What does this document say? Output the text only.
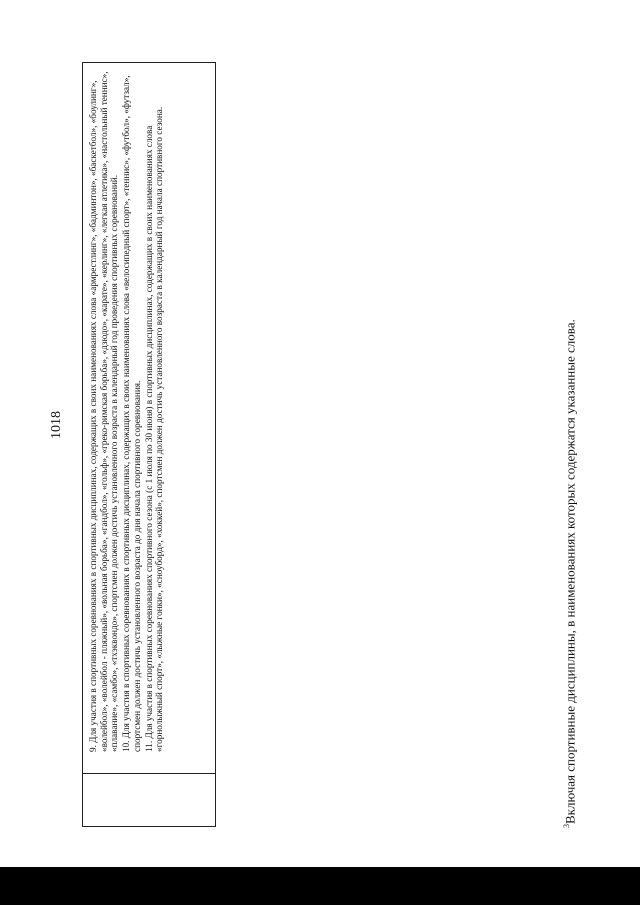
1018	9. Для участия в спортивных соревнованиях в спортивных дисциплинах, содержащих в своих наименованиях слова «армрестлинг», «бадминтон», «баскетбол», «боулинг», «волейбол», «волейбол - пляжный», «вольная борьба», «гандбол», «гольф», «греко-римская борьба», «дзюдо», «карате», «керлинг», «легкая атлетика», «настольный теннис», «плавание», «самбо», «тхэквондо», спортсмен должен достичь установленного возраста в календарный год проведения спортивных соревнований. 10. Для участия в спортивных соревнованиях в спортивных дисциплинах, содержащих в своих наименованиях слова «велосипедный спорт», «теннис», «футбол», «футзал», спортсмен должен достичь установленного возраста до дня начала спортивного соревнования. 11. Для участия в спортивных соревнованиях спортивного сезона (с 1 июля по 30 июня) в спортивных дисциплинах, содержащих в своих наименованиях слова «горнолыжный спорт», «лыжные гонки», «сноуборд», «хоккей», спортсмен должен достичь установленного возраста в календарный год начала спортивного сезона.

$^3$Включая спортивные дисциплины, в наименованиях которых содержатся указанные слова.
